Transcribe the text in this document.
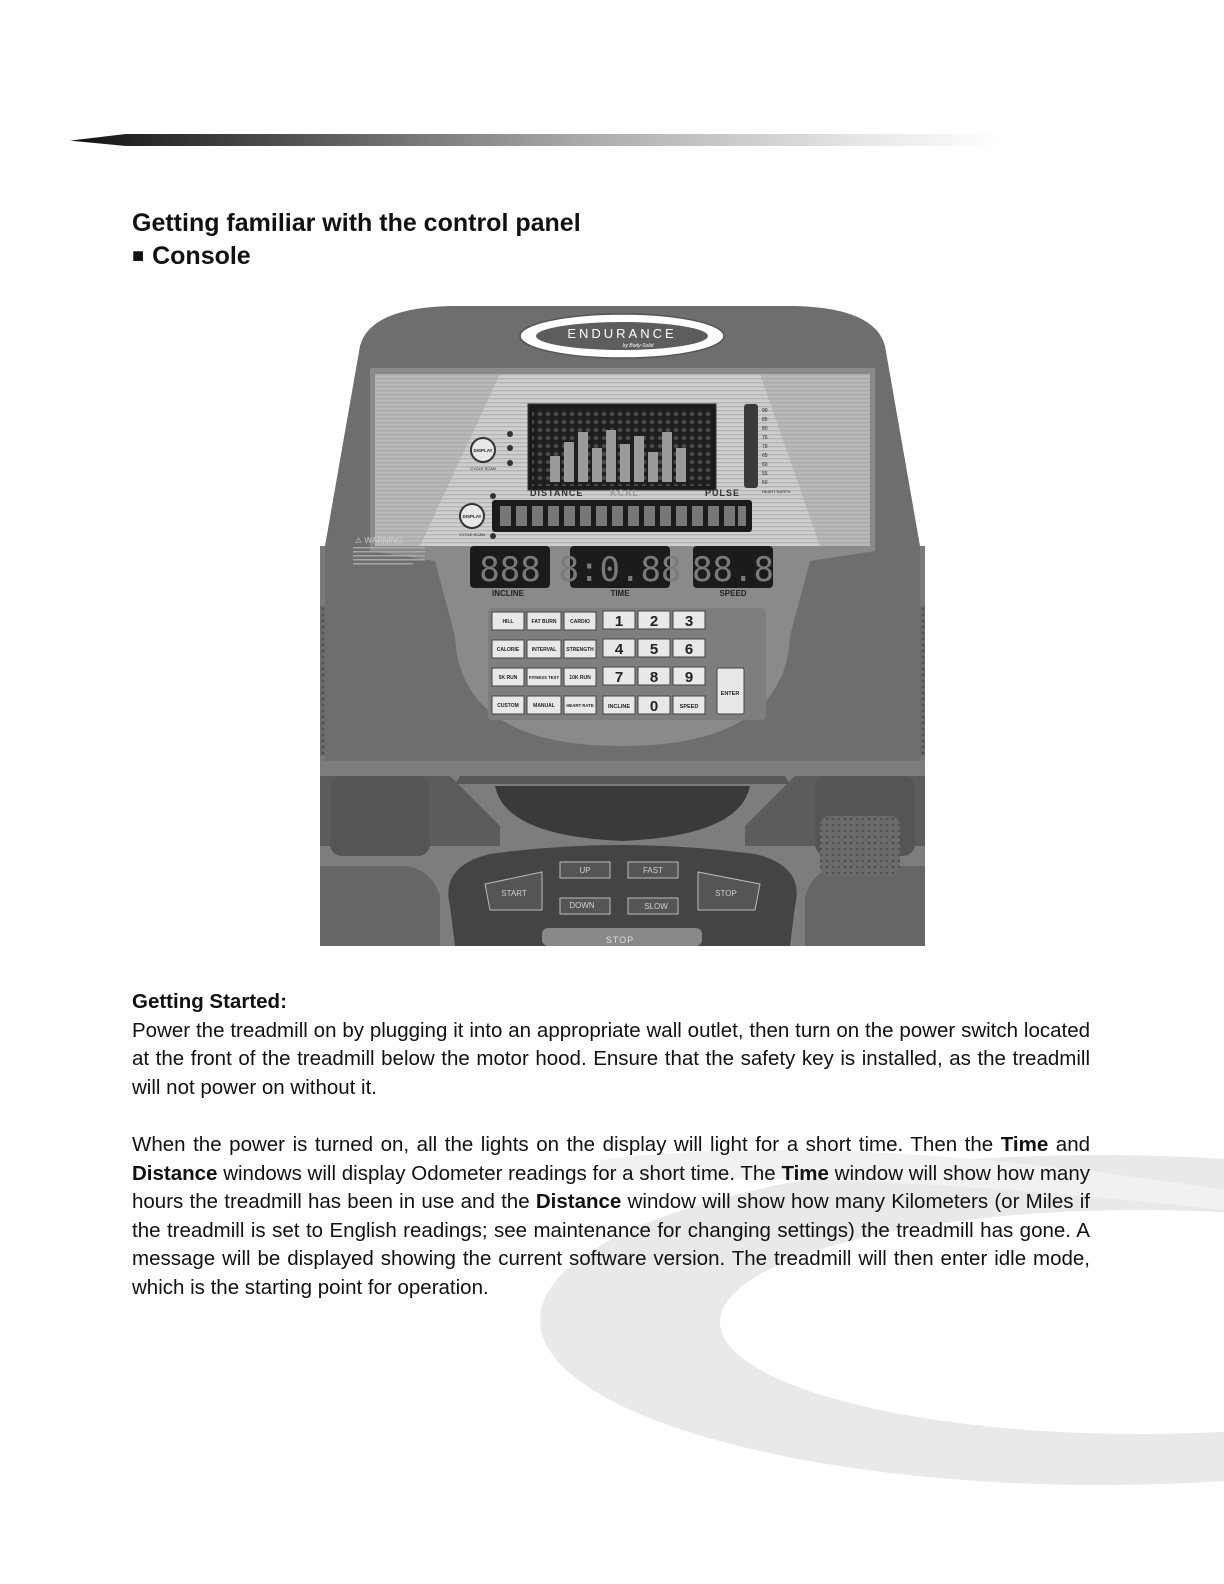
END
Getting familiar with the control panel
■ Console
ENDURANCE
by Body-Solid
DISPLAY
CYCLE SCAN
DISPLAY
CYCLE SCAN
90
85
80
75
70
65
60
55
50
HEART RATE%
DISTANCE	KCAL	PULSE
⚠ WARNING
888 8:0.88 88.8
INCLINE	TIME	SPEED
HILL	FAT BURN	CARDIO
CALORIE INTERVAL STRENGTH
5K RUN	FITNESS TEST 10K RUN
CUSTOM	MANUAL	HEART RATE
1 2 3
4 5 6
7 8 9
INCLINE 0	SPEED
ENTER
UP	FAST
START	STOP
DOWN	SLOW
STOP
Getting Started:

Power the treadmill on by plugging it into an appropriate wall outlet, then turn on the power switch located at the front of the treadmill below the motor hood. Ensure that the safety key is installed, as the treadmill will not power on without it.

When the power is turned on, all the lights on the display will light for a short time. Then the Time and Distance windows will display Odometer readings for a short time. The Time window will show how many hours the treadmill has been in use and the Distance window will show how many Kilometers (or Miles if the treadmill is set to English readings; see maintenance for changing settings) the treadmill has gone. A message will be displayed showing the current software version. The treadmill will then enter idle mode, which is the starting point for operation.
